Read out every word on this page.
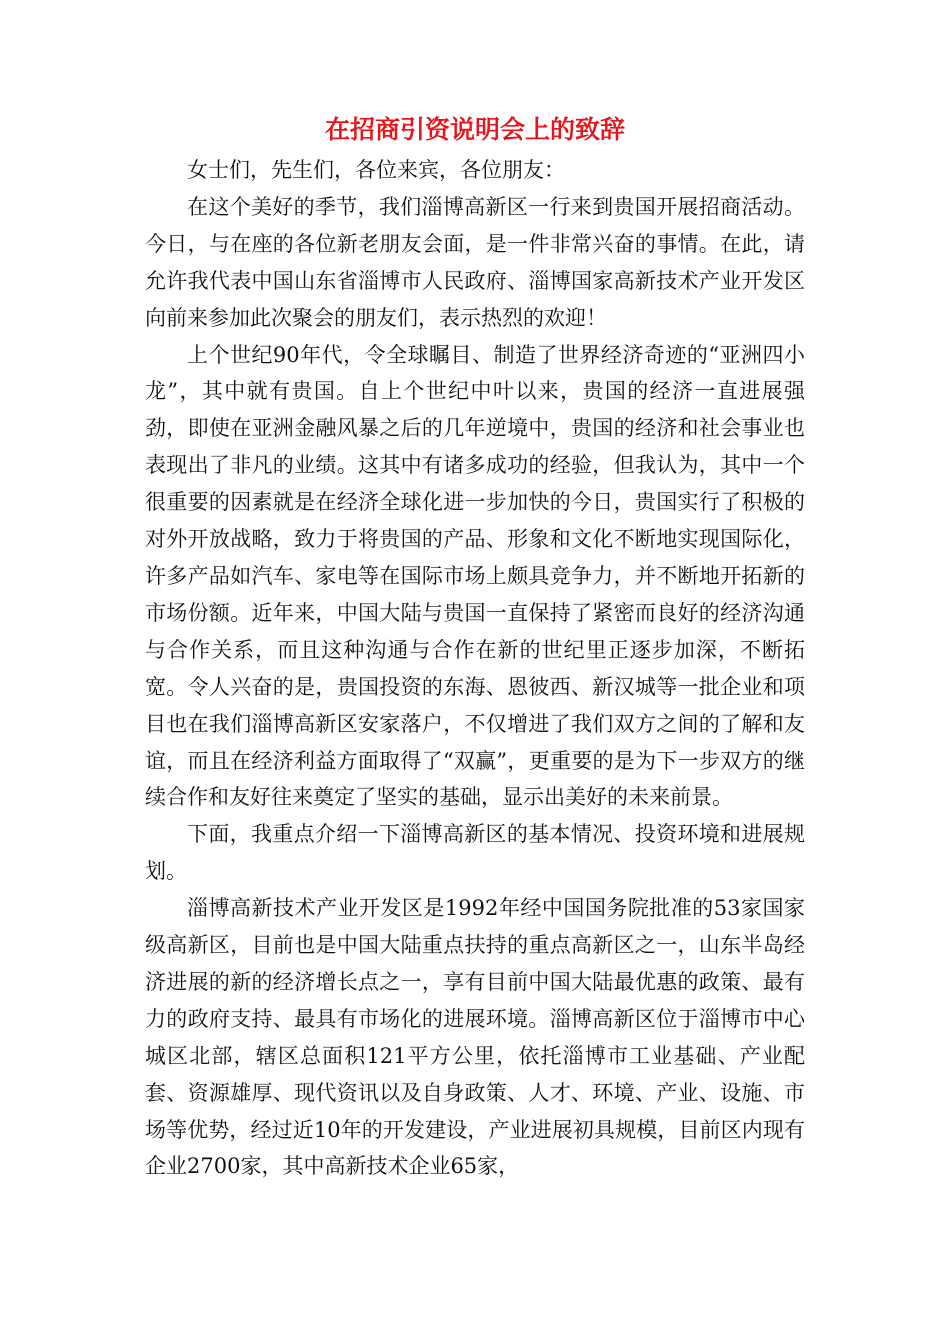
在招商引资说明会上的致辞

女士们，先生们，各位来宾，各位朋友：

在这个美好的季节，我们淄博高新区一行来到贵国开展招商活动。今日，与在座的各位新老朋友会面，是一件非常兴奋的事情。在此，请允许我代表中国山东省淄博市人民政府、淄博国家高新技术产业开发区向前来参加此次聚会的朋友们，表示热烈的欢迎！

上个世纪90年代，令全球瞩目、制造了世界经济奇迹的“亚洲四小龙”，其中就有贵国。自上个世纪中叶以来，贵国的经济一直进展强劲，即使在亚洲金融风暴之后的几年逆境中，贵国的经济和社会事业也表现出了非凡的业绩。这其中有诸多成功的经验，但我认为，其中一个很重要的因素就是在经济全球化进一步加快的今日，贵国实行了积极的对外开放战略，致力于将贵国的产品、形象和文化不断地实现国际化，许多产品如汽车、家电等在国际市场上颇具竞争力，并不断地开拓新的市场份额。近年来，中国大陆与贵国一直保持了紧密而良好的经济沟通与合作关系，而且这种沟通与合作在新的世纪里正逐步加深，不断拓宽。令人兴奋的是，贵国投资的东海、恩彼西、新汉城等一批企业和项目也在我们淄博高新区安家落户，不仅增进了我们双方之间的了解和友谊，而且在经济利益方面取得了“双赢”，更重要的是为下一步双方的继续合作和友好往来奠定了坚实的基础，显示出美好的未来前景。

下面，我重点介绍一下淄博高新区的基本情况、投资环境和进展规划。

淄博高新技术产业开发区是1992年经中国国务院批准的53家国家级高新区，目前也是中国大陆重点扶持的重点高新区之一，山东半岛经济进展的新的经济增长点之一，享有目前中国大陆最优惠的政策、最有力的政府支持、最具有市场化的进展环境。淄博高新区位于淄博市中心城区北部，辖区总面积121平方公里，依托淄博市工业基础、产业配套、资源雄厚、现代资讯以及自身政策、人才、环境、产业、设施、市场等优势，经过近10年的开发建设，产业进展初具规模，目前区内现有企业2700家，其中高新技术企业65家，
